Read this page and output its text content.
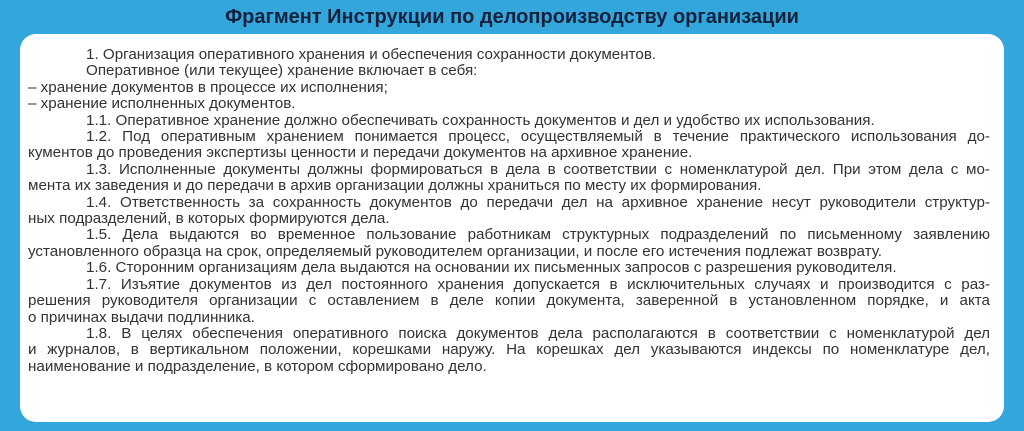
Фрагмент Инструкции по делопроизводству организации
1. Организация оперативного хранения и обеспечения сохранности документов.
Оперативное (или текущее) хранение включает в себя:
– хранение документов в процессе их исполнения;
– хранение исполненных документов.
1.1. Оперативное хранение должно обеспечивать сохранность документов и дел и удобство их использования.
1.2. Под оперативным хранением понимается процесс, осуществляемый в течение практического использования до-
кументов до проведения экспертизы ценности и передачи документов на архивное хранение.
1.3. Исполненные документы должны формироваться в дела в соответствии с номенклатурой дел. При этом дела с мо-
мента их заведения и до передачи в архив организации должны храниться по месту их формирования.
1.4. Ответственность за сохранность документов до передачи дел на архивное хранение несут руководители структур-
ных подразделений, в которых формируются дела.
1.5. Дела выдаются во временное пользование работникам структурных подразделений по письменному заявлению
установленного образца на срок, определяемый руководителем организации, и после его истечения подлежат возврату.
1.6. Сторонним организациям дела выдаются на основании их письменных запросов с разрешения руководителя.
1.7. Изъятие документов из дел постоянного хранения допускается в исключительных случаях и производится с раз-
решения руководителя организации с оставлением в деле копии документа, заверенной в установленном порядке, и акта
о причинах выдачи подлинника.
1.8. В целях обеспечения оперативного поиска документов дела располагаются в соответствии с номенклатурой дел
и журналов, в вертикальном положении, корешками наружу. На корешках дел указываются индексы по номенклатуре дел,
наименование и подразделение, в котором сформировано дело.
